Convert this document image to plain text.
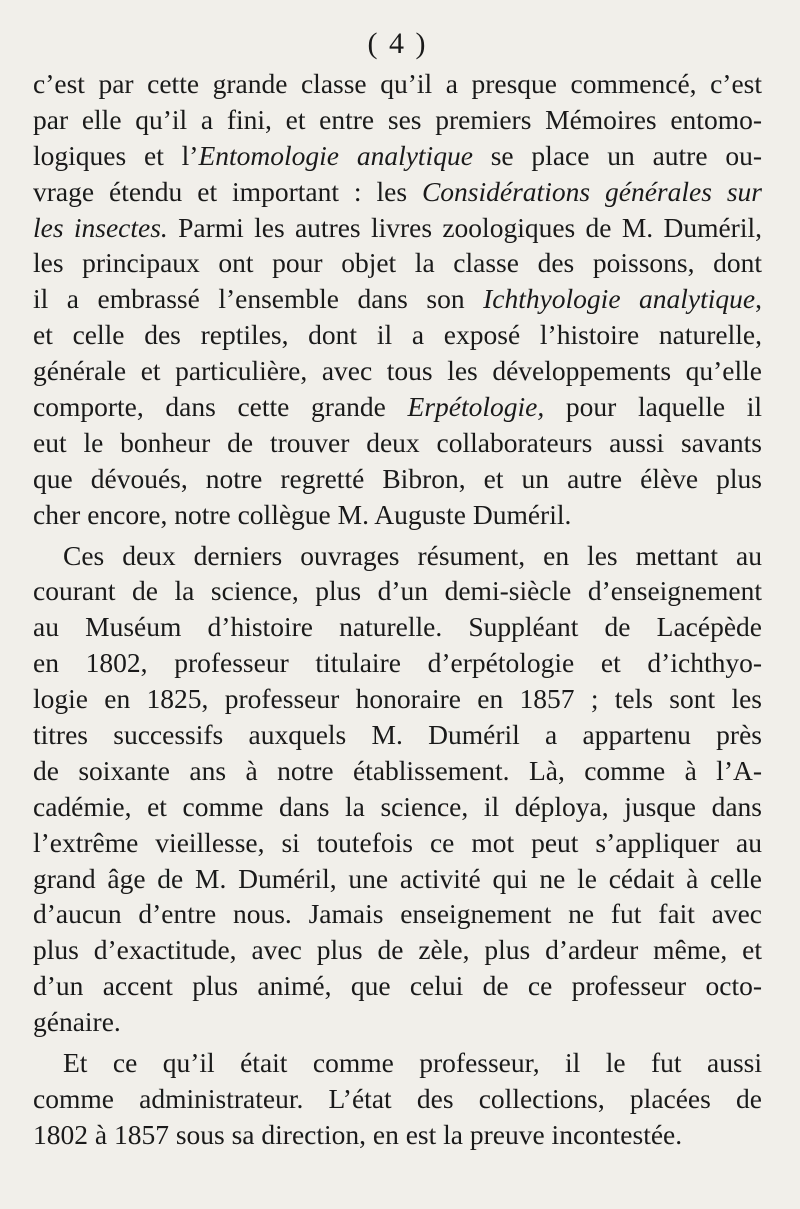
( 4 )
c’est par cette grande classe qu’il a presque commencé, c’est
par elle qu’il a fini, et entre ses premiers Mémoires entomo-
logiques et l’Entomologie analytique se place un autre ou-
vrage étendu et important : les Considérations générales sur
les insectes. Parmi les autres livres zoologiques de M. Duméril,
les principaux ont pour objet la classe des poissons, dont
il a embrassé l’ensemble dans son Ichthyologie analytique,
et celle des reptiles, dont il a exposé l’histoire naturelle,
générale et particulière, avec tous les développements qu’elle
comporte, dans cette grande Erpétologie, pour laquelle il
eut le bonheur de trouver deux collaborateurs aussi savants
que dévoués, notre regretté Bibron, et un autre élève plus
cher encore, notre collègue M. Auguste Duméril.
Ces deux derniers ouvrages résument, en les mettant au
courant de la science, plus d’un demi-siècle d’enseignement
au Muséum d’histoire naturelle. Suppléant de Lacépède
en 1802, professeur titulaire d’erpétologie et d’ichthyo-
logie en 1825, professeur honoraire en 1857 ; tels sont les
titres successifs auxquels M. Duméril a appartenu près
de soixante ans à notre établissement. Là, comme à l’A-
cadémie, et comme dans la science, il déploya, jusque dans
l’extrême vieillesse, si toutefois ce mot peut s’appliquer au
grand âge de M. Duméril, une activité qui ne le cédait à celle
d’aucun d’entre nous. Jamais enseignement ne fut fait avec
plus d’exactitude, avec plus de zèle, plus d’ardeur même, et
d’un accent plus animé, que celui de ce professeur octo-
génaire.
Et ce qu’il était comme professeur, il le fut aussi
comme administrateur. L’état des collections, placées de
1802 à 1857 sous sa direction, en est la preuve incontestée.
